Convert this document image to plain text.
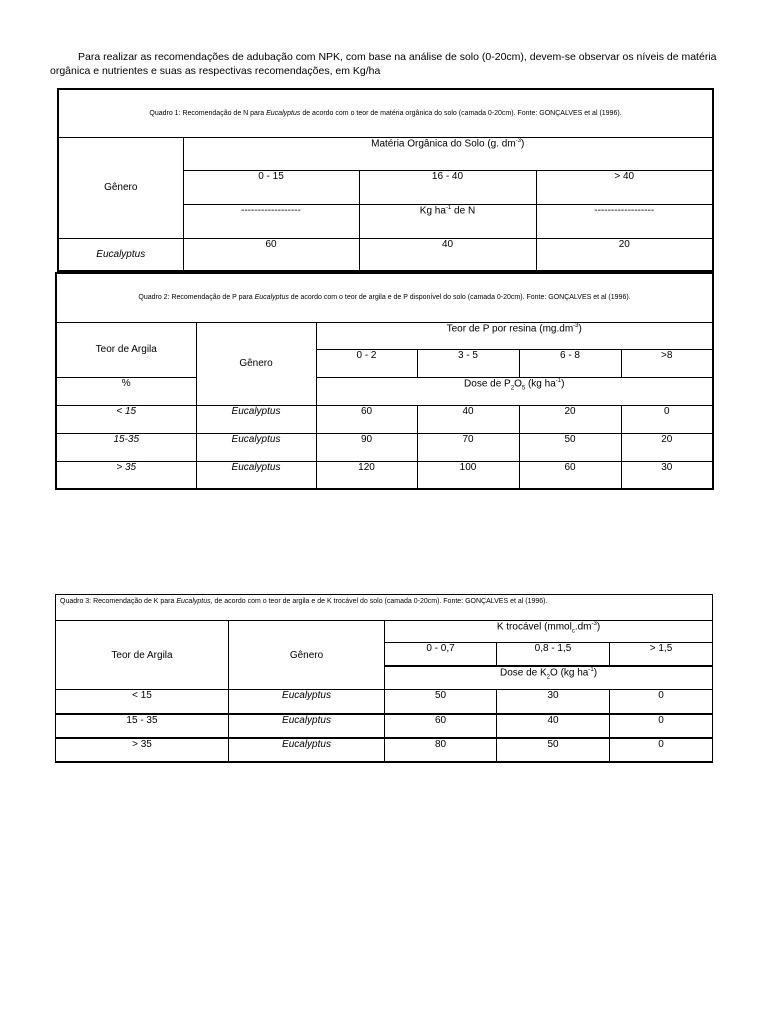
Para realizar as recomendações de adubação com NPK, com base na análise de solo (0-20cm), devem-se observar os níveis de matéria orgânica e nutrientes e suas as respectivas recomendações, em Kg/ha
Quadro 1: Recomendação de N para Eucalyptus de acordo com o teor de matéria orgânica do solo (camada 0-20cm). Fonte: GONÇALVES et al (1996).			
Gênero	Matéria Orgânica do Solo (g. $dm^{-3}$)		
	0 - 15	16 - 40	> 40
	------------------	Kg $ha^{-1}$ de N	------------------
Eucalyptus	60	40	20
Quadro 2: Recomendação de P para Eucalyptus de acordo com o teor de argila e de P disponível do solo (camada 0-20cm). Fonte: GONÇALVES et al (1996).					
Teor de Argila	Gênero	Teor de P por resina $(mg.dm^{-3})$			
		0 - 2	3 - 5	6 - 8	>8
%		Dose de $P_2O_5$ (kg $ha^{-1}$)			
< 15	Eucalyptus	60	40	20	0
15-35	Eucalyptus	90	70	50	20
> 35	Eucalyptus	120	100	60	30
Quadro 3: Recomendação de K para Eucalyptus, de acordo com o teor de argila e de K trocável do solo (camada 0-20cm). Fonte: GONÇALVES et al (1996).				
Teor de Argila	Gênero	K trocável $(mmol_c.dm^{-3})$		
		0 - 0,7	0,8 - 1,5	> 1,5
		Dose de $K_2O$ (kg $ha^{-1}$)		
< 15	Eucalyptus	50	30	0
15 - 35	Eucalyptus	60	40	0
> 35	Eucalyptus	80	50	0
